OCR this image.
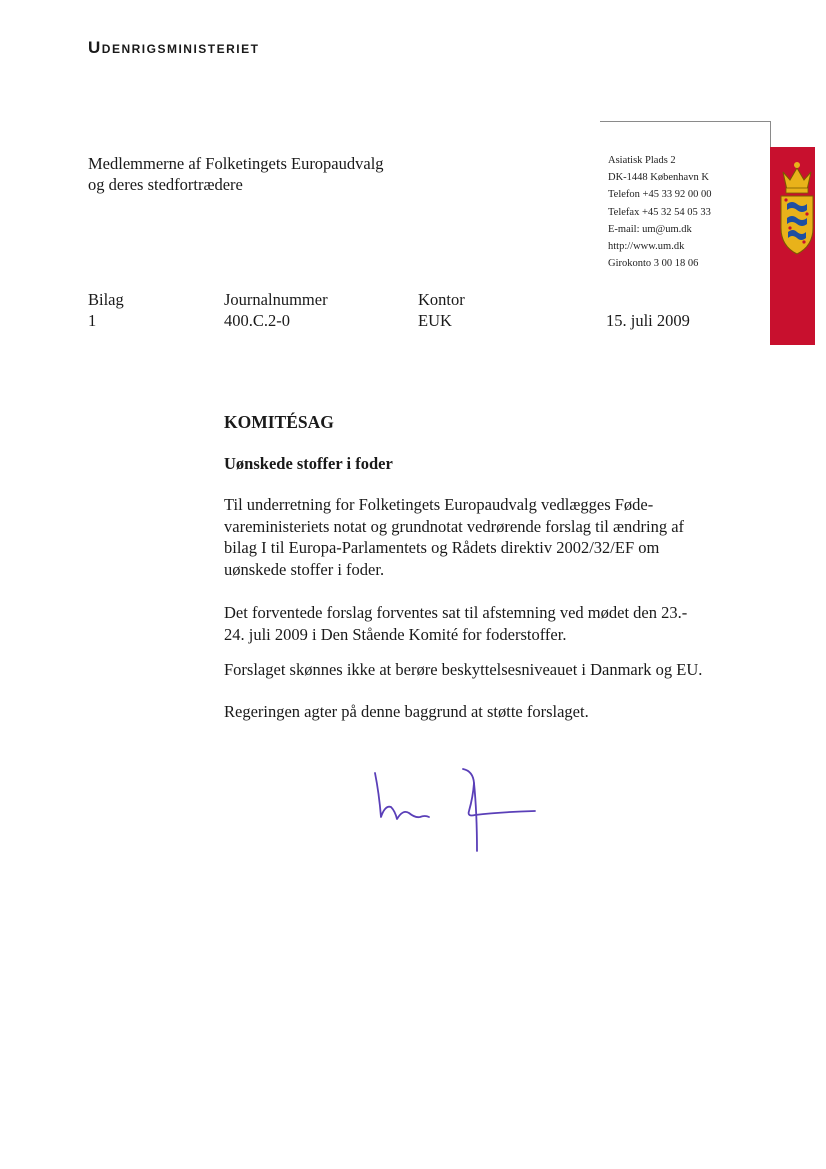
Udenrigsministeriet
Medlemmerne af Folketingets Europaudvalg
og deres stedfortrædere
Asiatisk Plads 2
DK-1448 København K
Telefon +45 33 92 00 00
Telefax +45 32 54 05 33
E-mail: um@um.dk
http://www.um.dk
Girokonto 3 00 18 06
Bilag
1
Journalnummer
400.C.2-0
Kontor
EUK	15. juli 2009
KOMITÉSAG
Uønskede stoffer i foder
Til underretning for Folketingets Europaudvalg vedlægges Føde-
vareministeriets notat og grundnotat vedrørende forslag til ændring af
bilag I til Europa-Parlamentets og Rådets direktiv 2002/32/EF om
uønskede stoffer i foder.
Det forventede forslag forventes sat til afstemning ved mødet den 23.-
24. juli 2009 i Den Stående Komité for foderstoffer.
Forslaget skønnes ikke at berøre beskyttelsesniveauet i Danmark og EU.
Regeringen agter på denne baggrund at støtte forslaget.
